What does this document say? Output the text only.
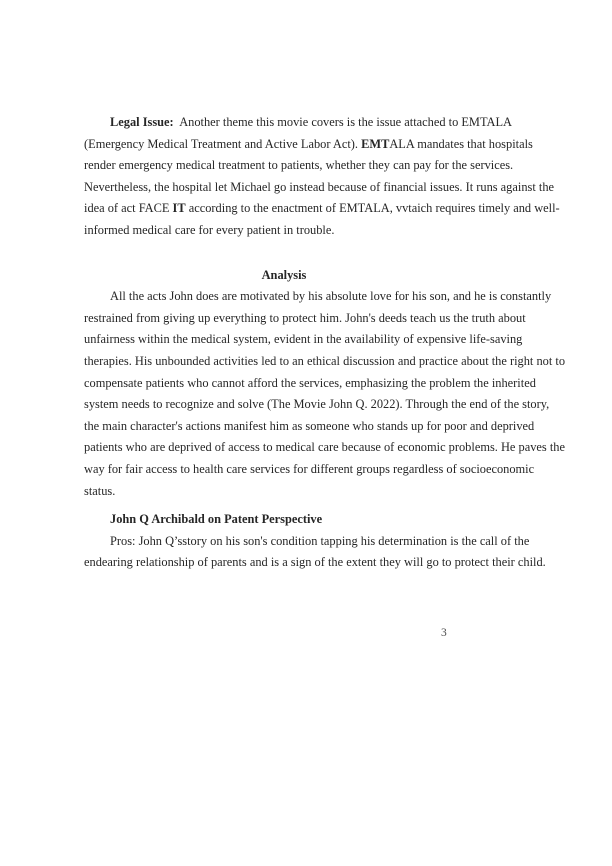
Legal Issue:  Another theme this movie covers is the issue attached to EMTALA
(Emergency Medical Treatment and Active Labor Act). EMTALA mandates that hospitals
render emergency medical treatment to patients, whether they can pay for the services.
Nevertheless, the hospital let Michael go instead because of financial issues. It runs against the
idea of act FACE IT according to the enactment of EMTALA, vvtaich requires timely and well-
informed medical care for every patient in trouble.
Analysis
All the acts John does are motivated by his absolute love for his son, and he is constantly
restrained from giving up everything to protect him. John's deeds teach us the truth about
unfairness within the medical system, evident in the availability of expensive life-saving
therapies. His unbounded activities led to an ethical discussion and practice about the right not to
compensate patients who cannot afford the services, emphasizing the problem the inherited
system needs to recognize and solve (The Movie John Q. 2022). Through the end of the story,
the main character's actions manifest him as someone who stands up for poor and deprived
patients who are deprived of access to medical care because of economic problems. He paves the
way for fair access to health care services for different groups regardless of socioeconomic
status.
John Q Archibald on Patent Perspective
Pros: John Q’sstory on his son's condition tapping his determination is the call of the
endearing relationship of parents and is a sign of the extent they will go to protect their child.
3
